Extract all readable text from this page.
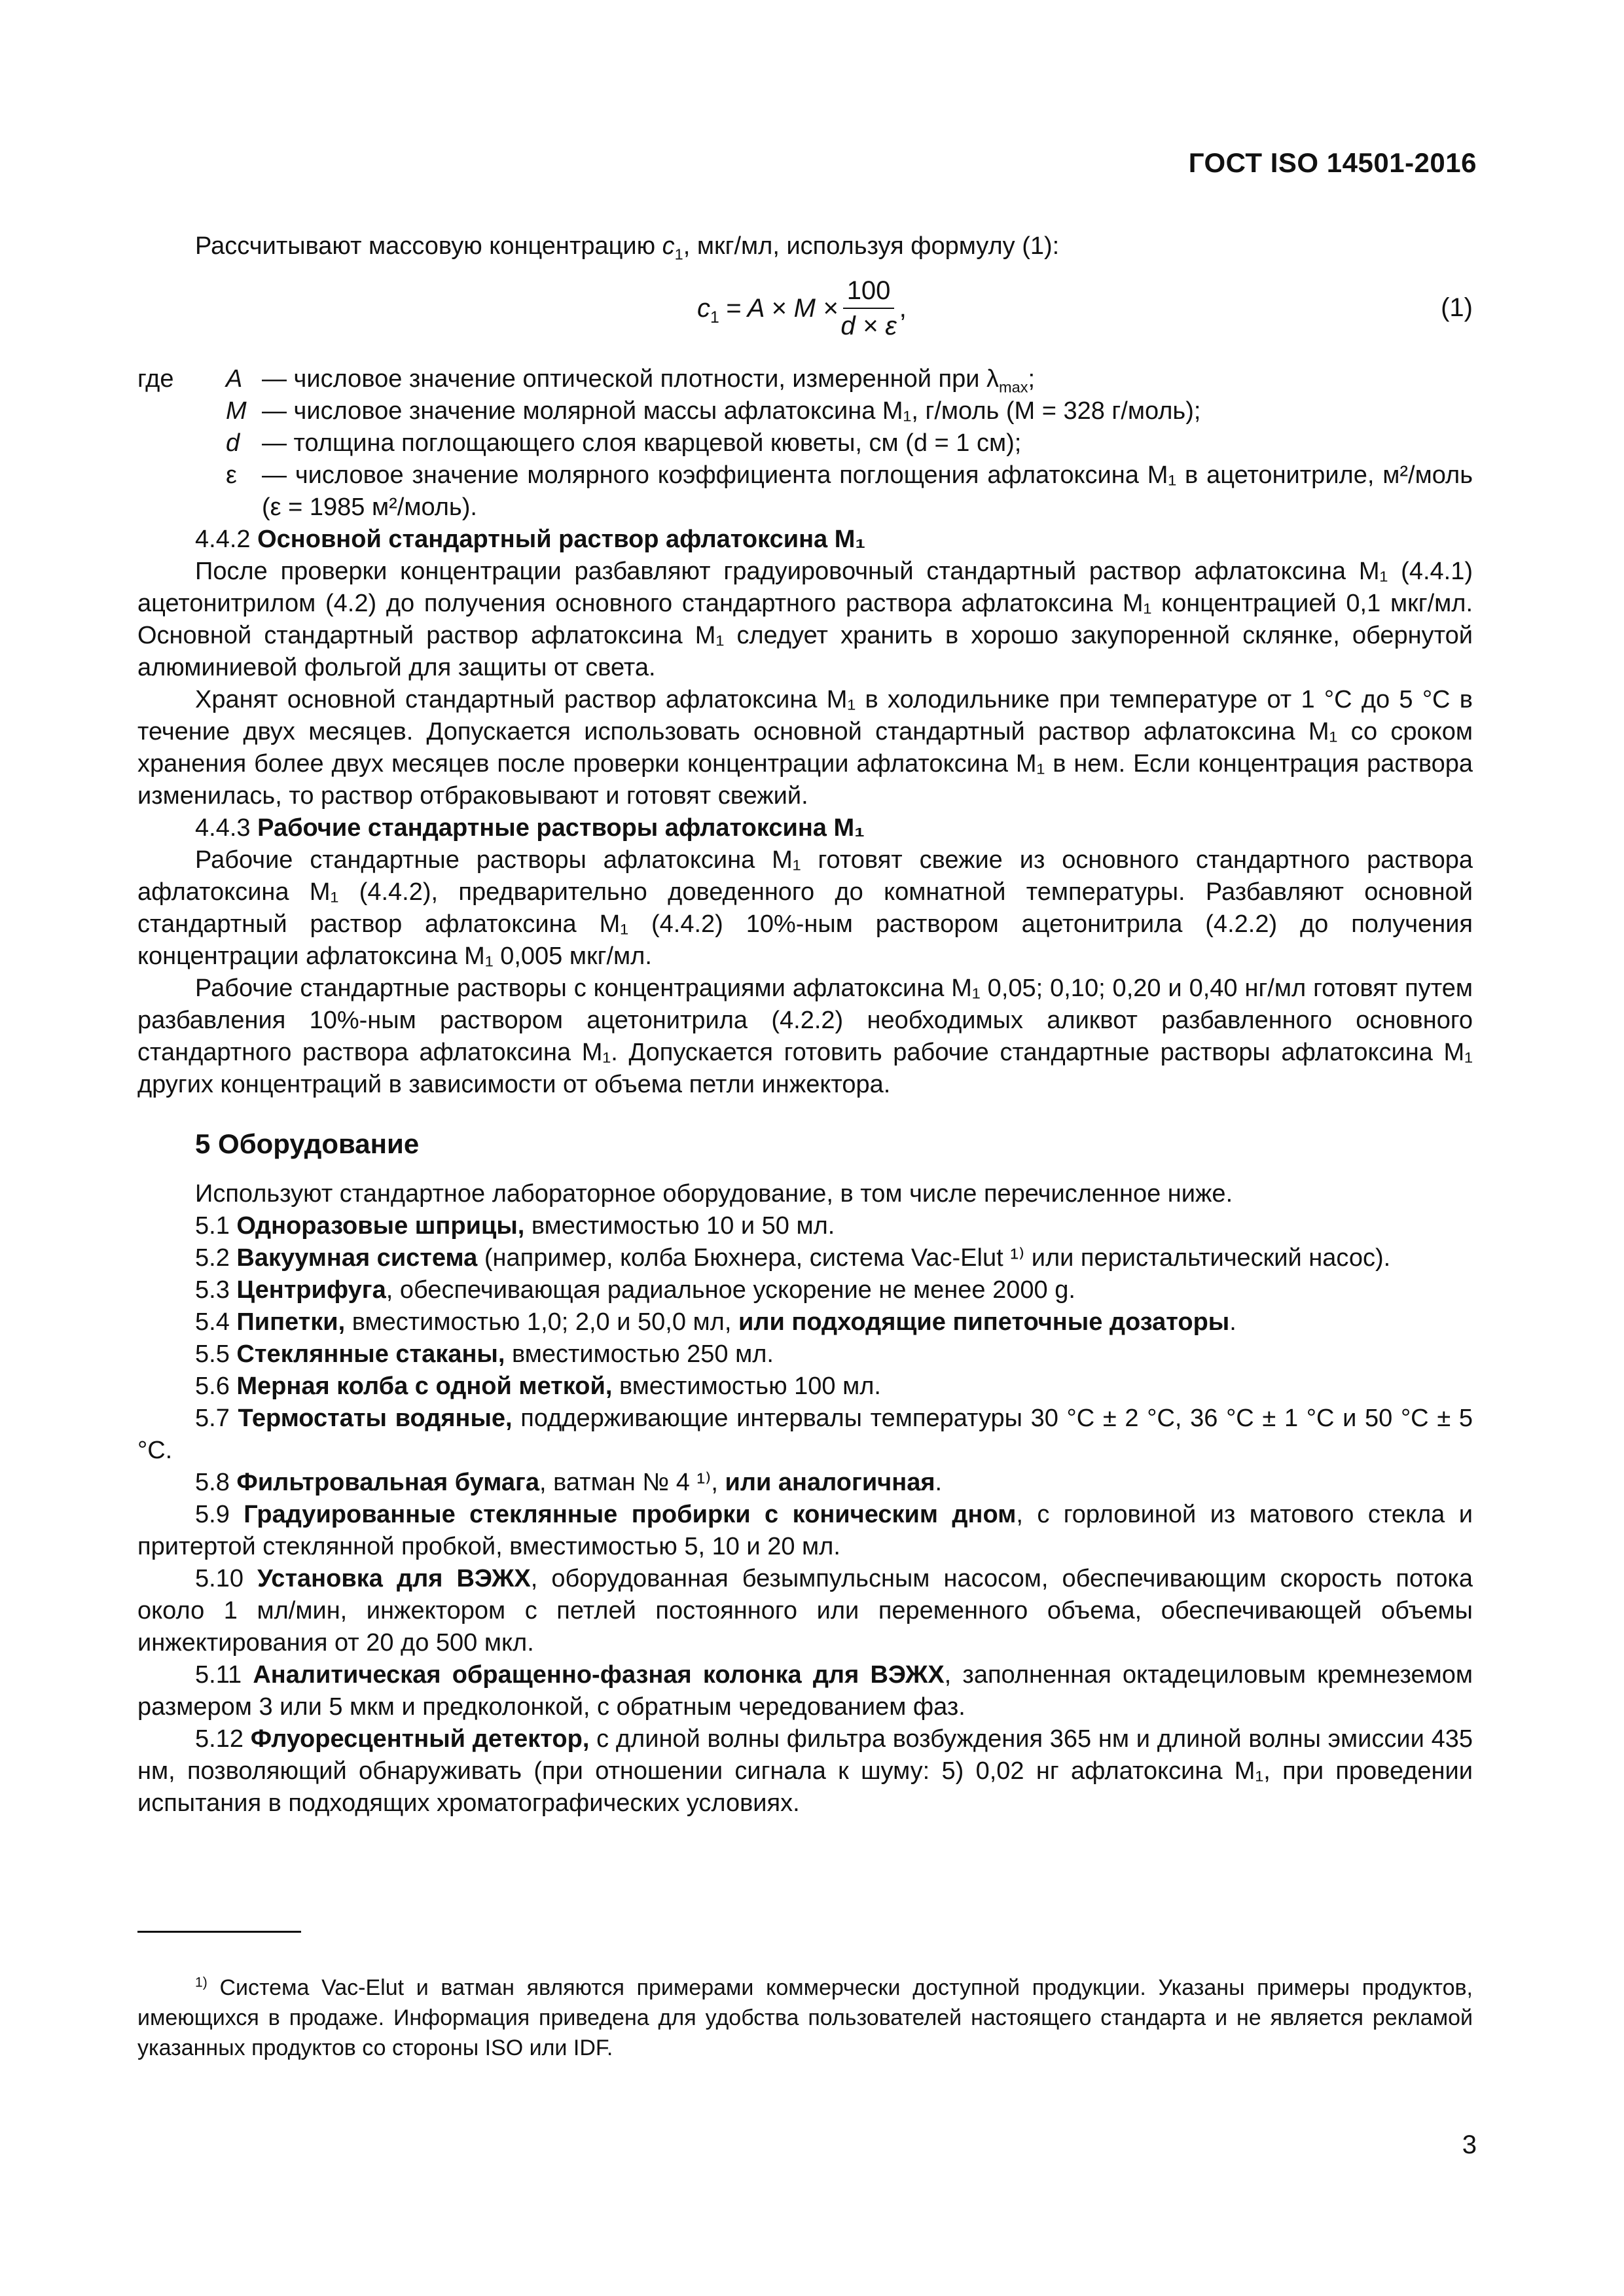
ГОСТ ISO 14501-2016

Рассчитывают массовую концентрацию $c_1$, мкг/мл, используя формулу (1):

$c_1 = A \times M \times \frac{100}{d \times \varepsilon}$ ,	(1)
где	A — числовое значение оптической плотности, измеренной при $\lambda_{max}$;
M — числовое значение молярной массы афлатоксина M₁, г/моль (M = 328 г/моль);
d — толщина поглощающего слоя кварцевой кюветы, см (d = 1 см);
ε	— числовое значение молярного коэффициента поглощения афлатоксина M₁ в ацетонитриле, м²/моль (ε = 1985 м²/моль).

4.4.2 Основной стандартный раствор афлатоксина M₁

После проверки концентрации разбавляют градуировочный стандартный раствор афлатоксина M₁ (4.4.1) ацетонитрилом (4.2) до получения основного стандартного раствора афлатоксина M₁ концентрацией 0,1 мкг/мл. Основной стандартный раствор афлатоксина M₁ следует хранить в хорошо закупоренной склянке, обернутой алюминиевой фольгой для защиты от света.

Хранят основной стандартный раствор афлатоксина M₁ в холодильнике при температуре от 1 °C до 5 °C в течение двух месяцев. Допускается использовать основной стандартный раствор афлатоксина M₁ со сроком хранения более двух месяцев после проверки концентрации афлатоксина M₁ в нем. Если концентрация раствора изменилась, то раствор отбраковывают и готовят свежий.

4.4.3 Рабочие стандартные растворы афлатоксина M₁

Рабочие стандартные растворы афлатоксина M₁ готовят свежие из основного стандартного раствора афлатоксина M₁ (4.4.2), предварительно доведенного до комнатной температуры. Разбавляют основной стандартный раствор афлатоксина M₁ (4.4.2) 10%-ным раствором ацетонитрила (4.2.2) до получения концентрации афлатоксина M₁ 0,005 мкг/мл.

Рабочие стандартные растворы с концентрациями афлатоксина M₁ 0,05; 0,10; 0,20 и 0,40 нг/мл готовят путем разбавления 10%-ным раствором ацетонитрила (4.2.2) необходимых аликвот разбавленного основного стандартного раствора афлатоксина M₁. Допускается готовить рабочие стандартные растворы афлатоксина M₁ других концентраций в зависимости от объема петли инжектора.

5 Оборудование

Используют стандартное лабораторное оборудование, в том числе перечисленное ниже.

5.1 Одноразовые шприцы, вместимостью 10 и 50 мл.

5.2 Вакуумная система (например, колба Бюхнера, система Vac-Elut ¹⁾ или перистальтический насос).

5.3 Центрифуга, обеспечивающая радиальное ускорение не менее 2000 g.

5.4 Пипетки, вместимостью 1,0; 2,0 и 50,0 мл, или подходящие пипеточные дозаторы.

5.5 Стеклянные стаканы, вместимостью 250 мл.

5.6 Мерная колба с одной меткой, вместимостью 100 мл.

5.7 Термостаты водяные, поддерживающие интервалы температуры 30 °C ± 2 °C, 36 °C ± 1 °C и 50 °C ± 5 °C.

5.8 Фильтровальная бумага, ватман № 4 ¹⁾, или аналогичная.

5.9 Градуированные стеклянные пробирки с коническим дном, с горловиной из матового стекла и притертой стеклянной пробкой, вместимостью 5, 10 и 20 мл.

5.10 Установка для ВЭЖХ, оборудованная безымпульсным насосом, обеспечивающим скорость потока около 1 мл/мин, инжектором с петлей постоянного или переменного объема, обеспечивающей объемы инжектирования от 20 до 500 мкл.

5.11 Аналитическая обращенно-фазная колонка для ВЭЖХ, заполненная октадециловым кремнеземом размером 3 или 5 мкм и предколонкой, с обратным чередованием фаз.

5.12 Флуоресцентный детектор, с длиной волны фильтра возбуждения 365 нм и длиной волны эмиссии 435 нм, позволяющий обнаруживать (при отношении сигнала к шуму: 5) 0,02 нг афлатоксина M₁, при проведении испытания в подходящих хроматографических условиях.

$^{1)}$ Система Vac-Elut и ватман являются примерами коммерчески доступной продукции. Указаны примеры продуктов, имеющихся в продаже. Информация приведена для удобства пользователей настоящего стандарта и не является рекламой указанных продуктов со стороны ISO или IDF.

3
